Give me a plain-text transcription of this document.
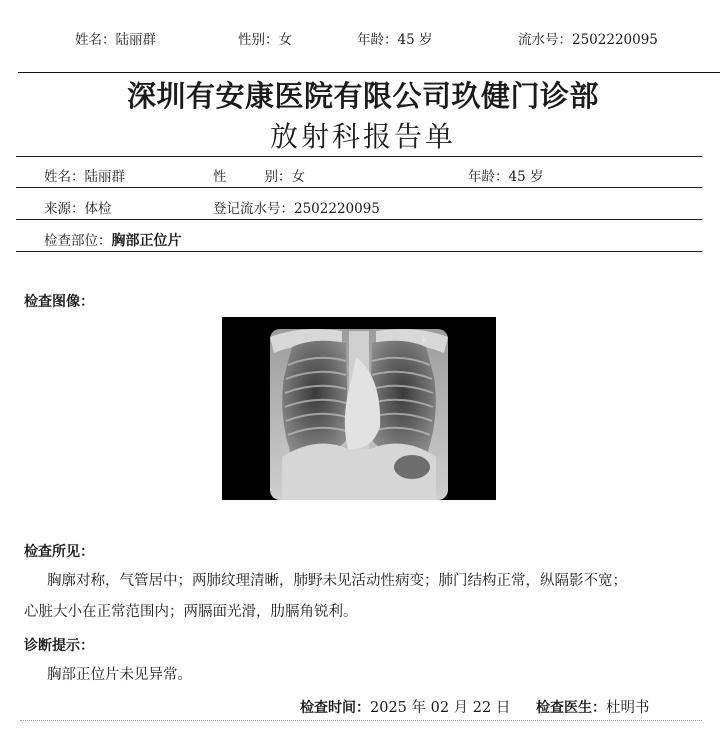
姓名：陆丽群	性别：女	年龄：45 岁	流水号：2502220095
深圳有安康医院有限公司玖健门诊部
放射科报告单
姓名：陆丽群	性	别：女	年龄：45 岁
来源：体检	登记流水号：2502220095
检查部位：胸部正位片
检查图像：
L
检查所见：
胸廓对称，气管居中；两肺纹理清晰，肺野未见活动性病变；肺门结构正常，纵隔影不宽；
心脏大小在正常范围内；两膈面光滑，肋膈角锐利。
诊断提示：
胸部正位片未见异常。
检查时间：2025 年 02 月 22 日 检查医生：杜明书
